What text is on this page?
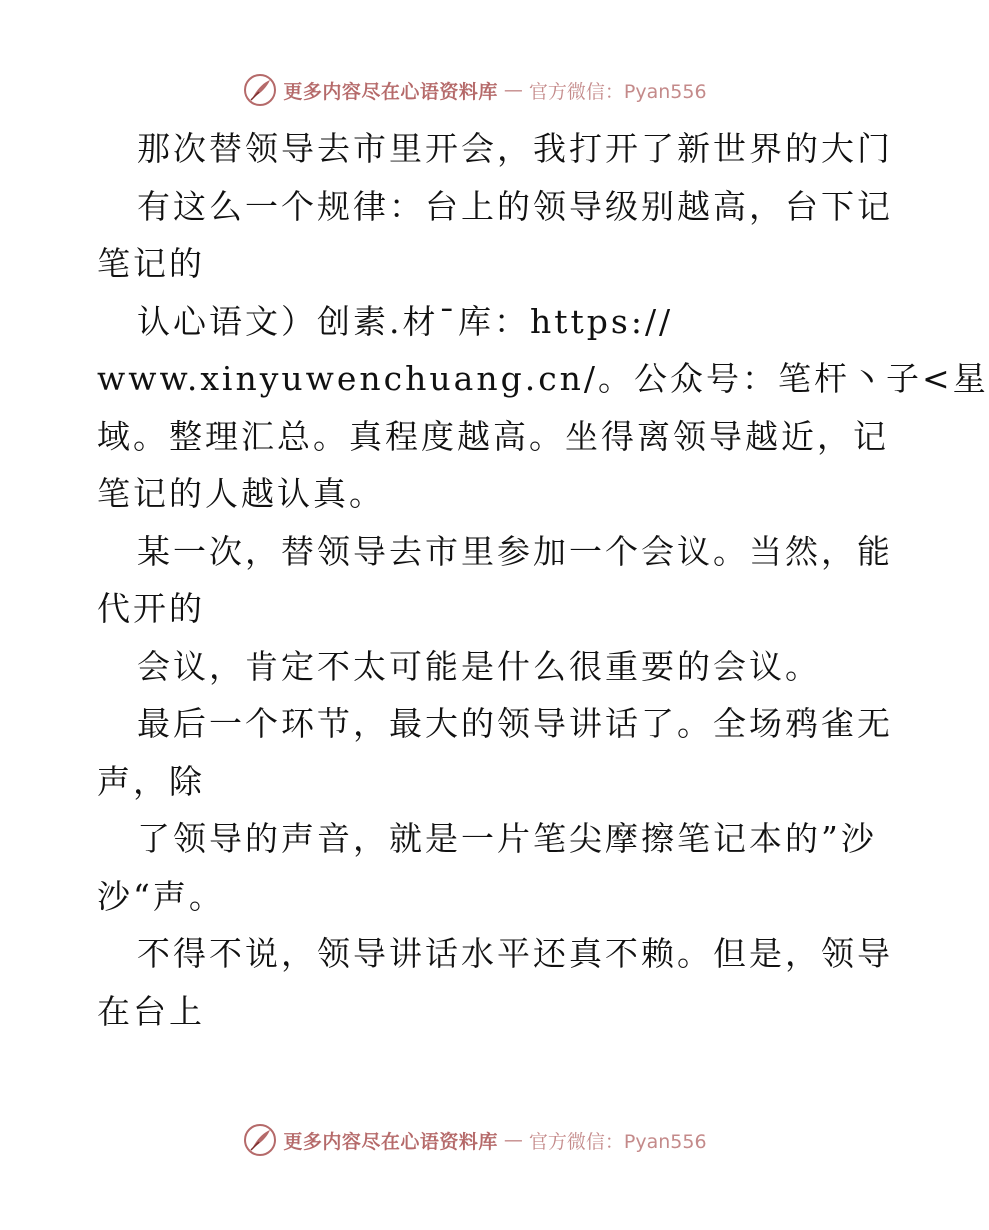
更多内容尽在心语资料库 — 官方微信：Pyan556
那次替领导去市里开会，我打开了新世界的大门
有这么一个规律：台上的领导级别越高，台下记
笔记的
认心语文）创素.材¯库：https://
www.xinyuwenchuang.cn/。公众号：笔杆丶子<星
域。整理汇总。真程度越高。坐得离领导越近，记
笔记的人越认真。
某一次，替领导去市里参加一个会议。当然，能
代开的
会议，肯定不太可能是什么很重要的会议。
最后一个环节，最大的领导讲话了。全场鸦雀无
声，除
了领导的声音，就是一片笔尖摩擦笔记本的”沙
沙“声。
不得不说，领导讲话水平还真不赖。但是，领导
在台上
更多内容尽在心语资料库 — 官方微信：Pyan556
